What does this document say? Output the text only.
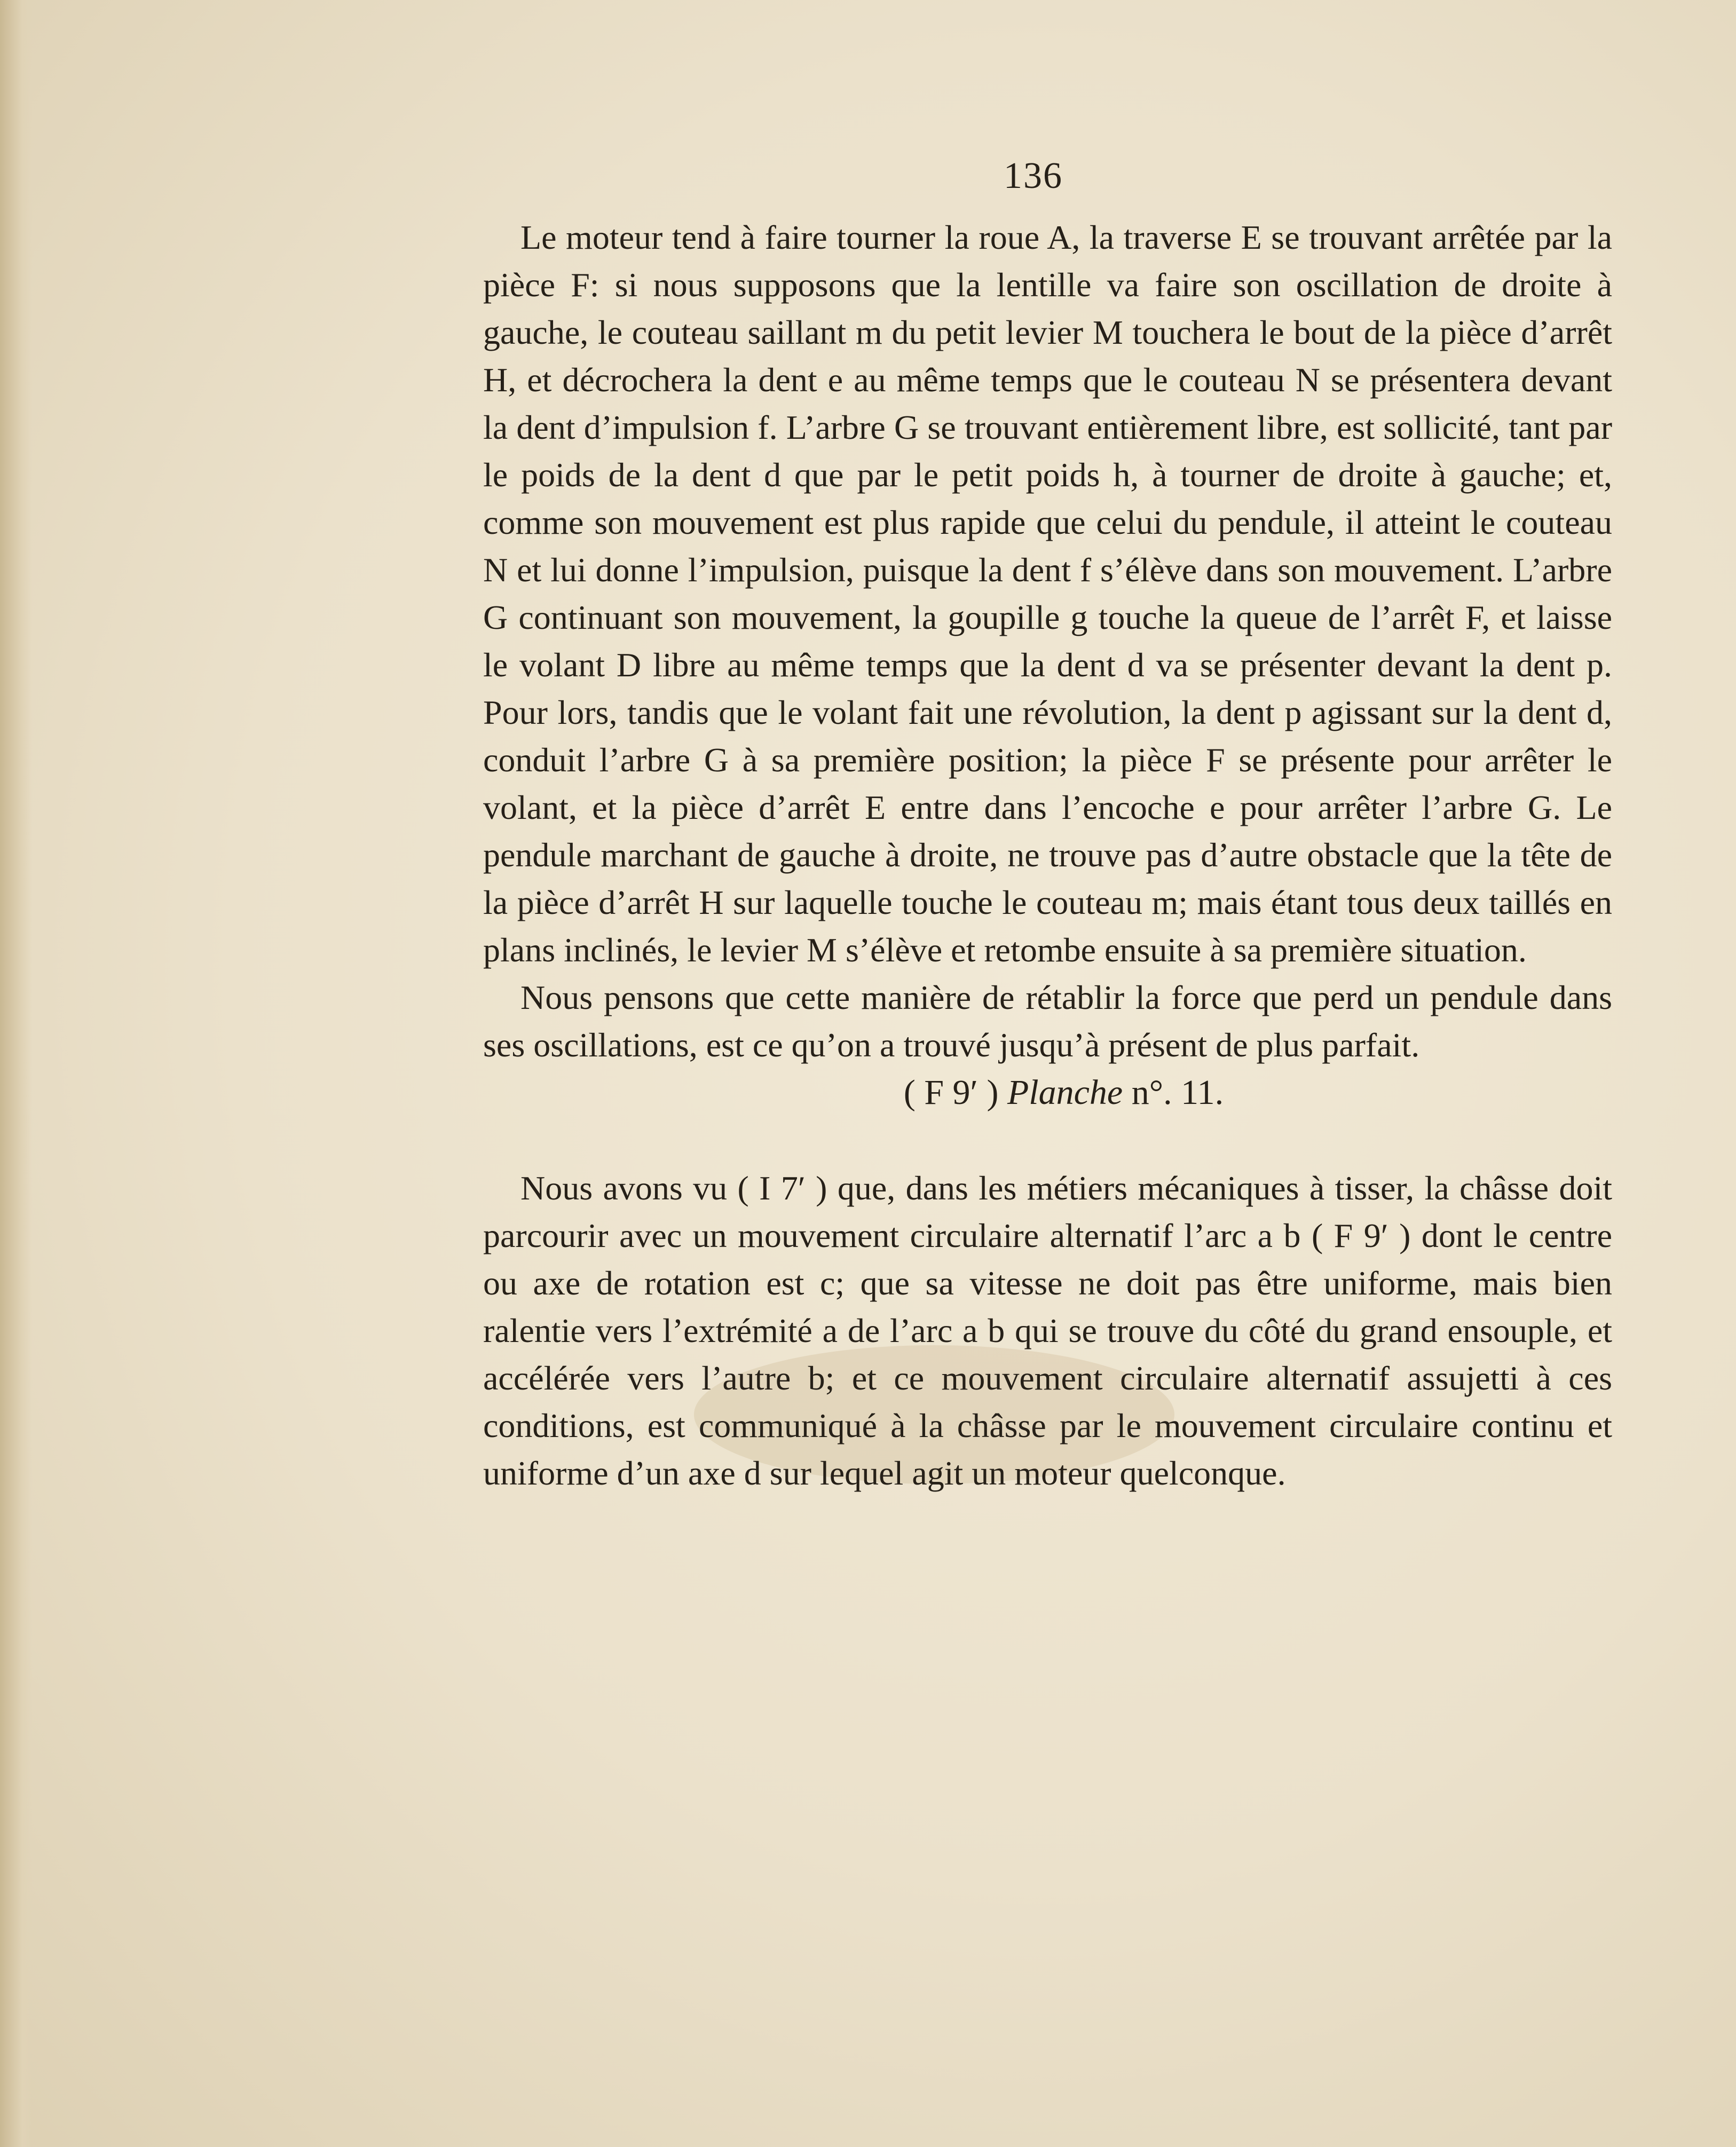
136

Le moteur tend à faire tourner la roue A, la traverse E se trouvant arrêtée par la pièce F: si nous supposons que la lentille va faire son oscillation de droite à gauche, le couteau saillant m du petit levier M touchera le bout de la pièce d’arrêt H, et décrochera la dent e au même temps que le couteau N se présentera devant la dent d’impulsion f. L’arbre G se trouvant entièrement libre, est sollicité, tant par le poids de la dent d que par le petit poids h, à tourner de droite à gauche; et, comme son mouvement est plus rapide que celui du pendule, il atteint le couteau N et lui donne l’impulsion, puisque la dent f s’élève dans son mouvement. L’arbre G continuant son mouvement, la goupille g touche la queue de l’arrêt F, et laisse le volant D libre au même temps que la dent d va se présenter devant la dent p. Pour lors, tandis que le volant fait une révolution, la dent p agissant sur la dent d, conduit l’arbre G à sa première position; la pièce F se présente pour arrêter le volant, et la pièce d’arrêt E entre dans l’encoche e pour arrêter l’arbre G. Le pendule marchant de gauche à droite, ne trouve pas d’autre obstacle que la tête de la pièce d’arrêt H sur laquelle touche le couteau m; mais étant tous deux taillés en plans inclinés, le levier M s’élève et retombe ensuite à sa première situation.

Nous pensons que cette manière de rétablir la force que perd un pendule dans ses oscillations, est ce qu’on a trouvé jusqu’à présent de plus parfait.

( F 9′ ) Planche n°. 11.

Nous avons vu ( I 7′ ) que, dans les métiers mécaniques à tisser, la châsse doit parcourir avec un mouvement circulaire alternatif l’arc a b ( F 9′ ) dont le centre ou axe de rotation est c; que sa vitesse ne doit pas être uniforme, mais bien ralentie vers l’extrémité a de l’arc a b qui se trouve du côté du grand ensouple, et accélérée vers l’autre b; et ce mouvement circulaire alternatif assujetti à ces conditions, est communiqué à la châsse par le mouvement circulaire continu et uniforme d’un axe d sur lequel agit un moteur quelconque.
